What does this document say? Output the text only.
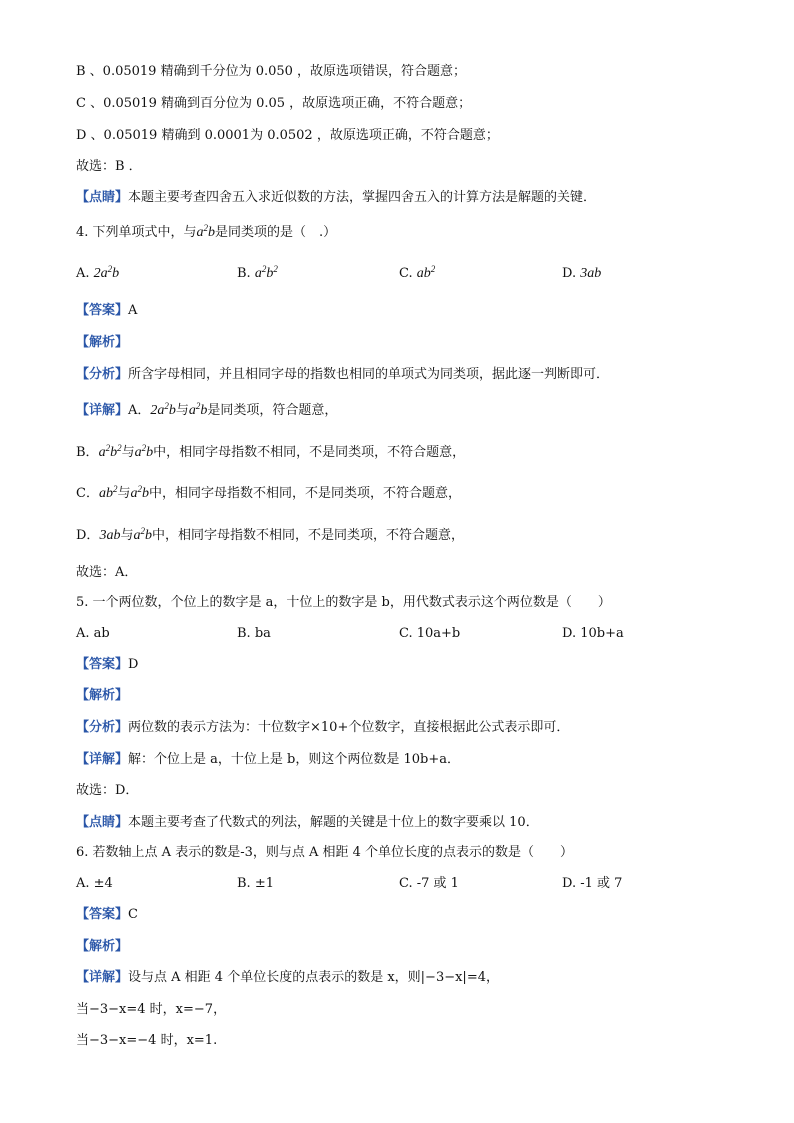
B 、0.05019 精确到千分位为 0.050 ，故原选项错误，符合题意；
C 、0.05019 精确到百分位为 0.05 ，故原选项正确，不符合题意；
D 、0.05019 精确到 0.0001为 0.0502 ，故原选项正确，不符合题意；
故选：B ．
【点睛】本题主要考查四舍五入求近似数的方法，掌握四舍五入的计算方法是解题的关键．
4. 下列单项式中，与$a^2b$是同类项的是（　.）
A. $2a^2b$	B. $a^2b^2$	C. $ab^2$	D. 3ab
【答案】A
【解析】
【分析】所含字母相同，并且相同字母的指数也相同的单项式为同类项，据此逐一判断即可．
【详解】A．$2a^2b$与$a^2b$是同类项，符合题意，
B．$a^2b^2$与$a^2b$中，相同字母指数不相同，不是同类项，不符合题意，
C．$ab^2$与$a^2b$中，相同字母指数不相同，不是同类项，不符合题意，
D．3ab与$a^2b$中，相同字母指数不相同，不是同类项，不符合题意，
故选：A．
5. 一个两位数，个位上的数字是 a，十位上的数字是 b，用代数式表示这个两位数是（　　）
A. ab	B. ba	C. 10a+b	D. 10b+a
【答案】D
【解析】
【分析】两位数的表示方法为：十位数字×10+个位数字，直接根据此公式表示即可．
【详解】解：个位上是 a，十位上是 b，则这个两位数是 10b+a．
故选：D．
【点睛】本题主要考查了代数式的列法，解题的关键是十位上的数字要乘以 10．
6. 若数轴上点 A 表示的数是-3，则与点 A 相距 4 个单位长度的点表示的数是（　　）
A. ±4	B. ±1	C. -7 或 1	D. -1 或 7
【答案】C
【解析】
【详解】设与点 A 相距 4 个单位长度的点表示的数是 x，则|−3−x|=4，
当−3−x=4 时，x=−7，
当−3−x=−4 时，x=1.
